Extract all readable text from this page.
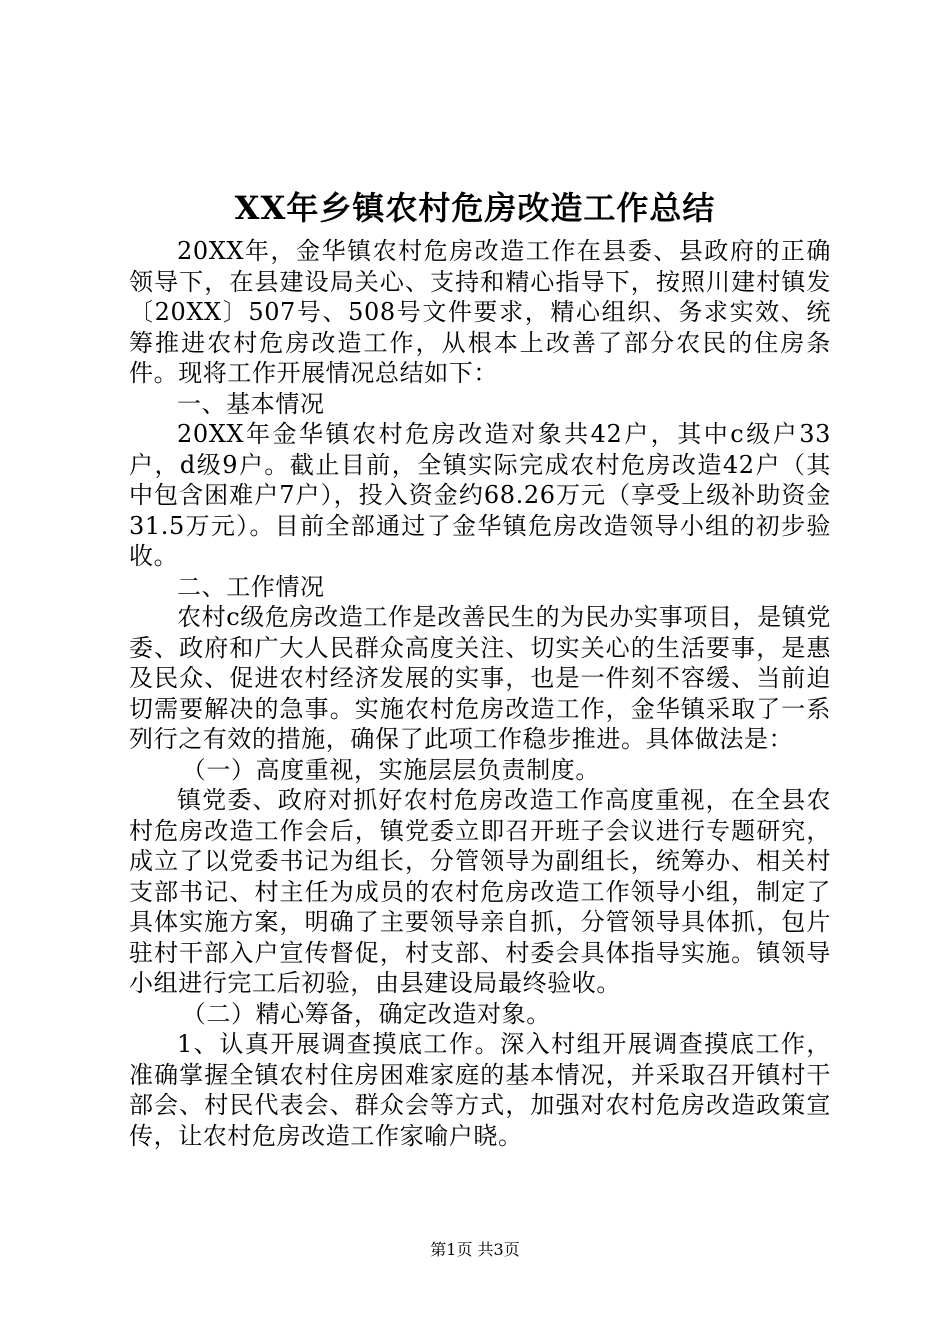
XX年乡镇农村危房改造工作总结

20XX年，金华镇农村危房改造工作在县委、县政府的正确领导下，在县建设局关心、支持和精心指导下，按照川建村镇发〔20XX〕507号、508号文件要求，精心组织、务求实效、统筹推进农村危房改造工作，从根本上改善了部分农民的住房条件。现将工作开展情况总结如下：

一、基本情况

20XX年金华镇农村危房改造对象共42户，其中c级户33户，d级9户。截止目前，全镇实际完成农村危房改造42户（其中包含困难户7户），投入资金约68.26万元（享受上级补助资金31.5万元）。目前全部通过了金华镇危房改造领导小组的初步验收。

二、工作情况

农村c级危房改造工作是改善民生的为民办实事项目，是镇党委、政府和广大人民群众高度关注、切实关心的生活要事，是惠及民众、促进农村经济发展的实事，也是一件刻不容缓、当前迫切需要解决的急事。实施农村危房改造工作，金华镇采取了一系列行之有效的措施，确保了此项工作稳步推进。具体做法是：

（一）高度重视，实施层层负责制度。

镇党委、政府对抓好农村危房改造工作高度重视，在全县农村危房改造工作会后，镇党委立即召开班子会议进行专题研究，成立了以党委书记为组长，分管领导为副组长，统筹办、相关村支部书记、村主任为成员的农村危房改造工作领导小组，制定了具体实施方案，明确了主要领导亲自抓，分管领导具体抓，包片驻村干部入户宣传督促，村支部、村委会具体指导实施。镇领导小组进行完工后初验，由县建设局最终验收。

（二）精心筹备，确定改造对象。

1、认真开展调查摸底工作。深入村组开展调查摸底工作，准确掌握全镇农村住房困难家庭的基本情况，并采取召开镇村干部会、村民代表会、群众会等方式，加强对农村危房改造政策宣传，让农村危房改造工作家喻户晓。

第1页 共3页
